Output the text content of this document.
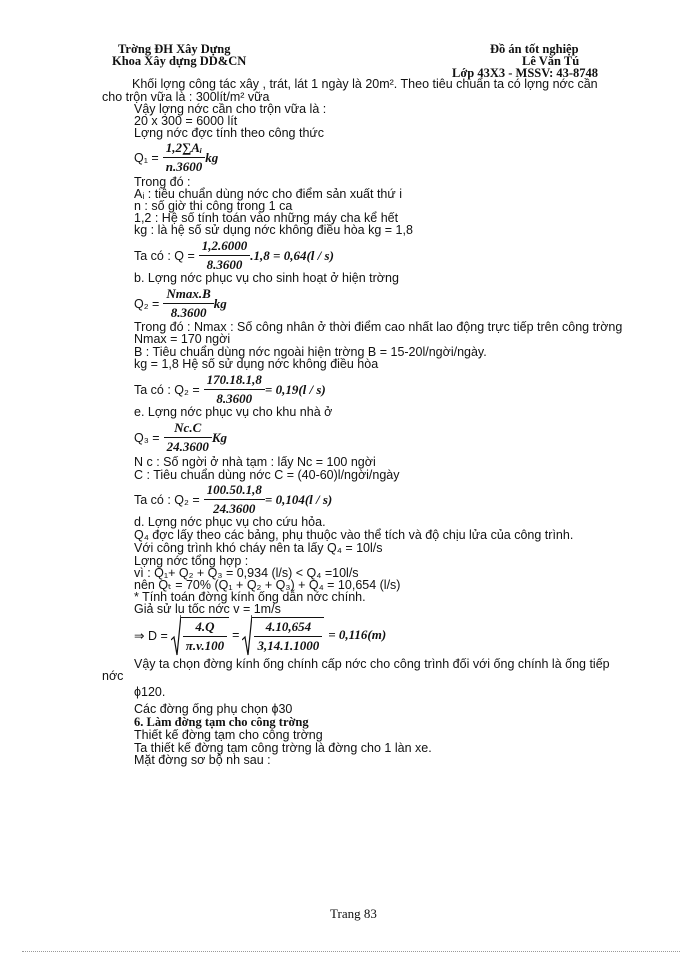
Trờng ĐH Xây Dựng
Khoa Xây dựng DD&CN
Đồ án tốt nghiệp
Lê Văn Tú
Lớp 43X3 - MSSV: 43-8748
Khối lợng công tác xây , trát, lát 1 ngày là 20m². Theo tiêu chuẩn ta có lợng nớc cần
cho trộn vữa là : 300lít/m² vữa
Vậy lợng nớc cần cho trộn vữa là :
20 x 300 = 6000 lít
Lợng nớc đợc tính theo công thức
$Q_1 = \frac{\text{1,2∑Aᵢ}}{n.3600}$ kg
Trong đó :
Aᵢ : tiêu chuẩn dùng nớc cho điểm sản xuất thứ i
n : số giờ thi công trong 1 ca
1,2 : Hệ số tính toán vào những máy cha kể hết
kg : là hệ số sử dụng nớc không điều hòa kg = 1,8
Ta có : $Q = \frac{1,2.6000}{8.3600} .1,8 = 0,64(l / s)$
b. Lợng nớc phục vụ cho sinh hoạt ở hiện trờng
$Q_2 = \frac{Nmax.B}{8.3600}$ kg
Trong đó : Nmax : Số công nhân ở thời điểm cao nhất lao động trực tiếp trên công trờng
Nmax = 170 ngời
B : Tiêu chuẩn dùng nớc ngoài hiện trờng B = 15-20l/ngời/ngày.
kg = 1,8 Hệ số sử dụng nớc không điều hòa
Ta có : $Q_2 = \frac{170.18.1,8}{8.3600} = 0,19(l / s)$
e. Lợng nớc phục vụ cho khu nhà ở
$Q_3 = \frac{Nc.C}{24.3600}$ Kg
N c : Số ngời ở nhà tạm : lấy Nc = 100 ngời
C : Tiêu chuẩn dùng nớc C = (40-60)l/ngời/ngày
Ta có : $Q_2 = \frac{100.50.1,8}{24.3600} = 0,104(l / s)$
d. Lợng nớc phục vụ cho cứu hỏa.
Q₄ đợc lấy theo các bảng, phụ thuộc vào thể tích và độ chịu lửa của công trình.
Với công trình khó cháy nên ta lấy Q₄ = 10l/s
Lợng nớc tổng hợp :
vì : Q₁+ Q₂ + Q₃ = 0,934 (l/s) < Q₄ =10l/s
nên Qₜ = 70% (Q₁ + Q₂ + Q₃) + Q₄ = 10,654 (l/s)
* Tính toán đờng kính ống dẫn nớc chính.
Giả sử lu tốc nớc v = 1m/s
⇒ $D = \frac{4.Q}{\pi.v.100} = \frac{4.10,654}{3,14.1.1000} = 0,116(m)$
Vậy ta chọn đờng kính ống chính cấp nớc cho công trình đối với ống chính là ống tiếp
nớc
ϕ120.
Các đờng ống phụ chọn ϕ30
6. Làm đờng tạm cho công trờng
Thiết kế đờng tạm cho công trờng
Ta thiết kế đờng tạm công trờng là đờng cho 1 làn xe.
Mặt đờng sơ bộ nh sau :
Trang 83
